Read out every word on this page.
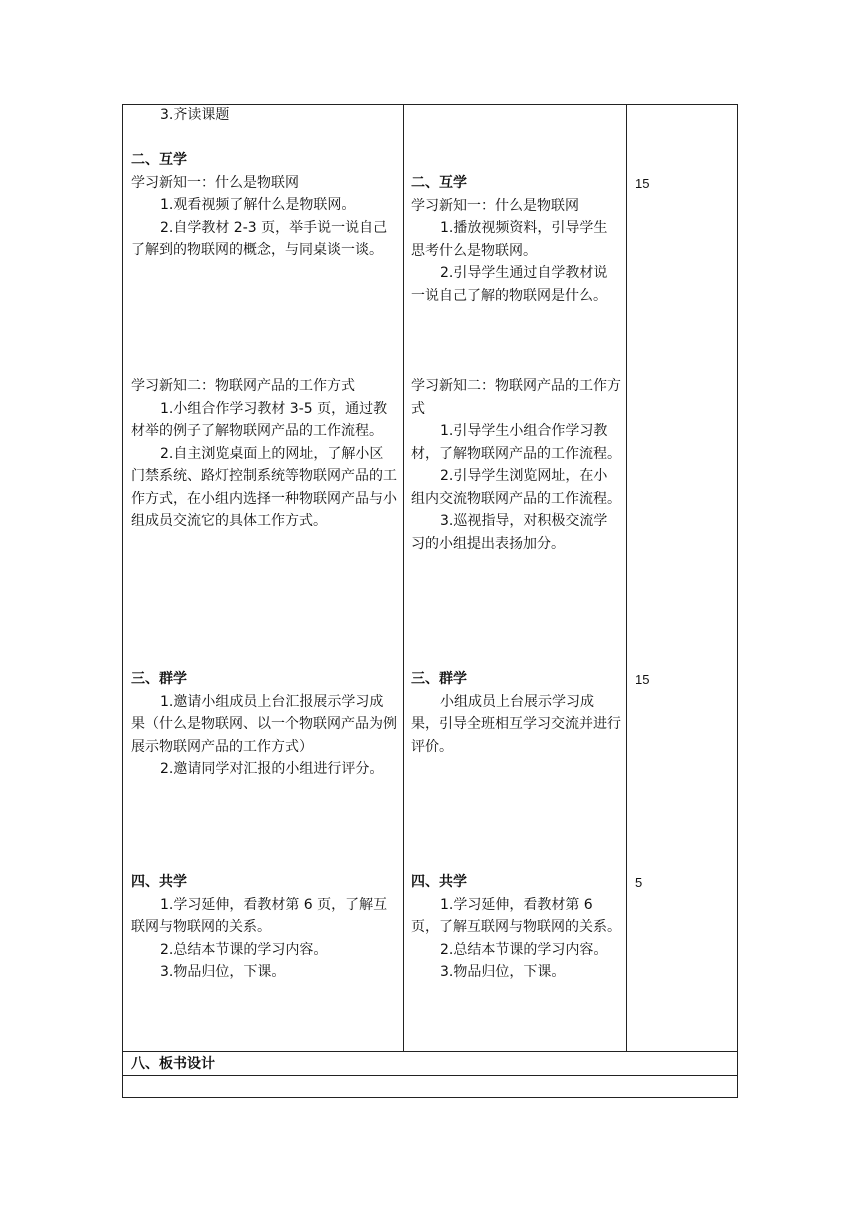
3.齐读课题
二、互学
学习新知一：什么是物联网
1.观看视频了解什么是物联网。
2.自学教材 2-3 页，举手说一说自己了解到的物联网的概念，与同桌谈一谈。
学习新知二：物联网产品的工作方式
1.小组合作学习教材 3-5 页，通过教材举的例子了解物联网产品的工作流程。
2.自主浏览桌面上的网址，了解小区门禁系统、路灯控制系统等物联网产品的工作方式，在小组内选择一种物联网产品与小组成员交流它的具体工作方式。
三、群学
1.邀请小组成员上台汇报展示学习成果（什么是物联网、以一个物联网产品为例展示物联网产品的工作方式）
2.邀请同学对汇报的小组进行评分。
四、共学
1.学习延伸，看教材第 6 页，了解互联网与物联网的关系。
2.总结本节课的学习内容。
3.物品归位，下课。
二、互学
学习新知一：什么是物联网
1.播放视频资料，引导学生思考什么是物联网。
2.引导学生通过自学教材说一说自己了解的物联网是什么。
学习新知二：物联网产品的工作方式
1.引导学生小组合作学习教材，了解物联网产品的工作流程。
2.引导学生浏览网址，在小组内交流物联网产品的工作流程。
3.巡视指导，对积极交流学习的小组提出表扬加分。
三、群学
小组成员上台展示学习成果，引导全班相互学习交流并进行评价。
四、共学
1.学习延伸，看教材第 6 页，了解互联网与物联网的关系。
2.总结本节课的学习内容。
3.物品归位，下课。
15
15
5
八、板书设计
